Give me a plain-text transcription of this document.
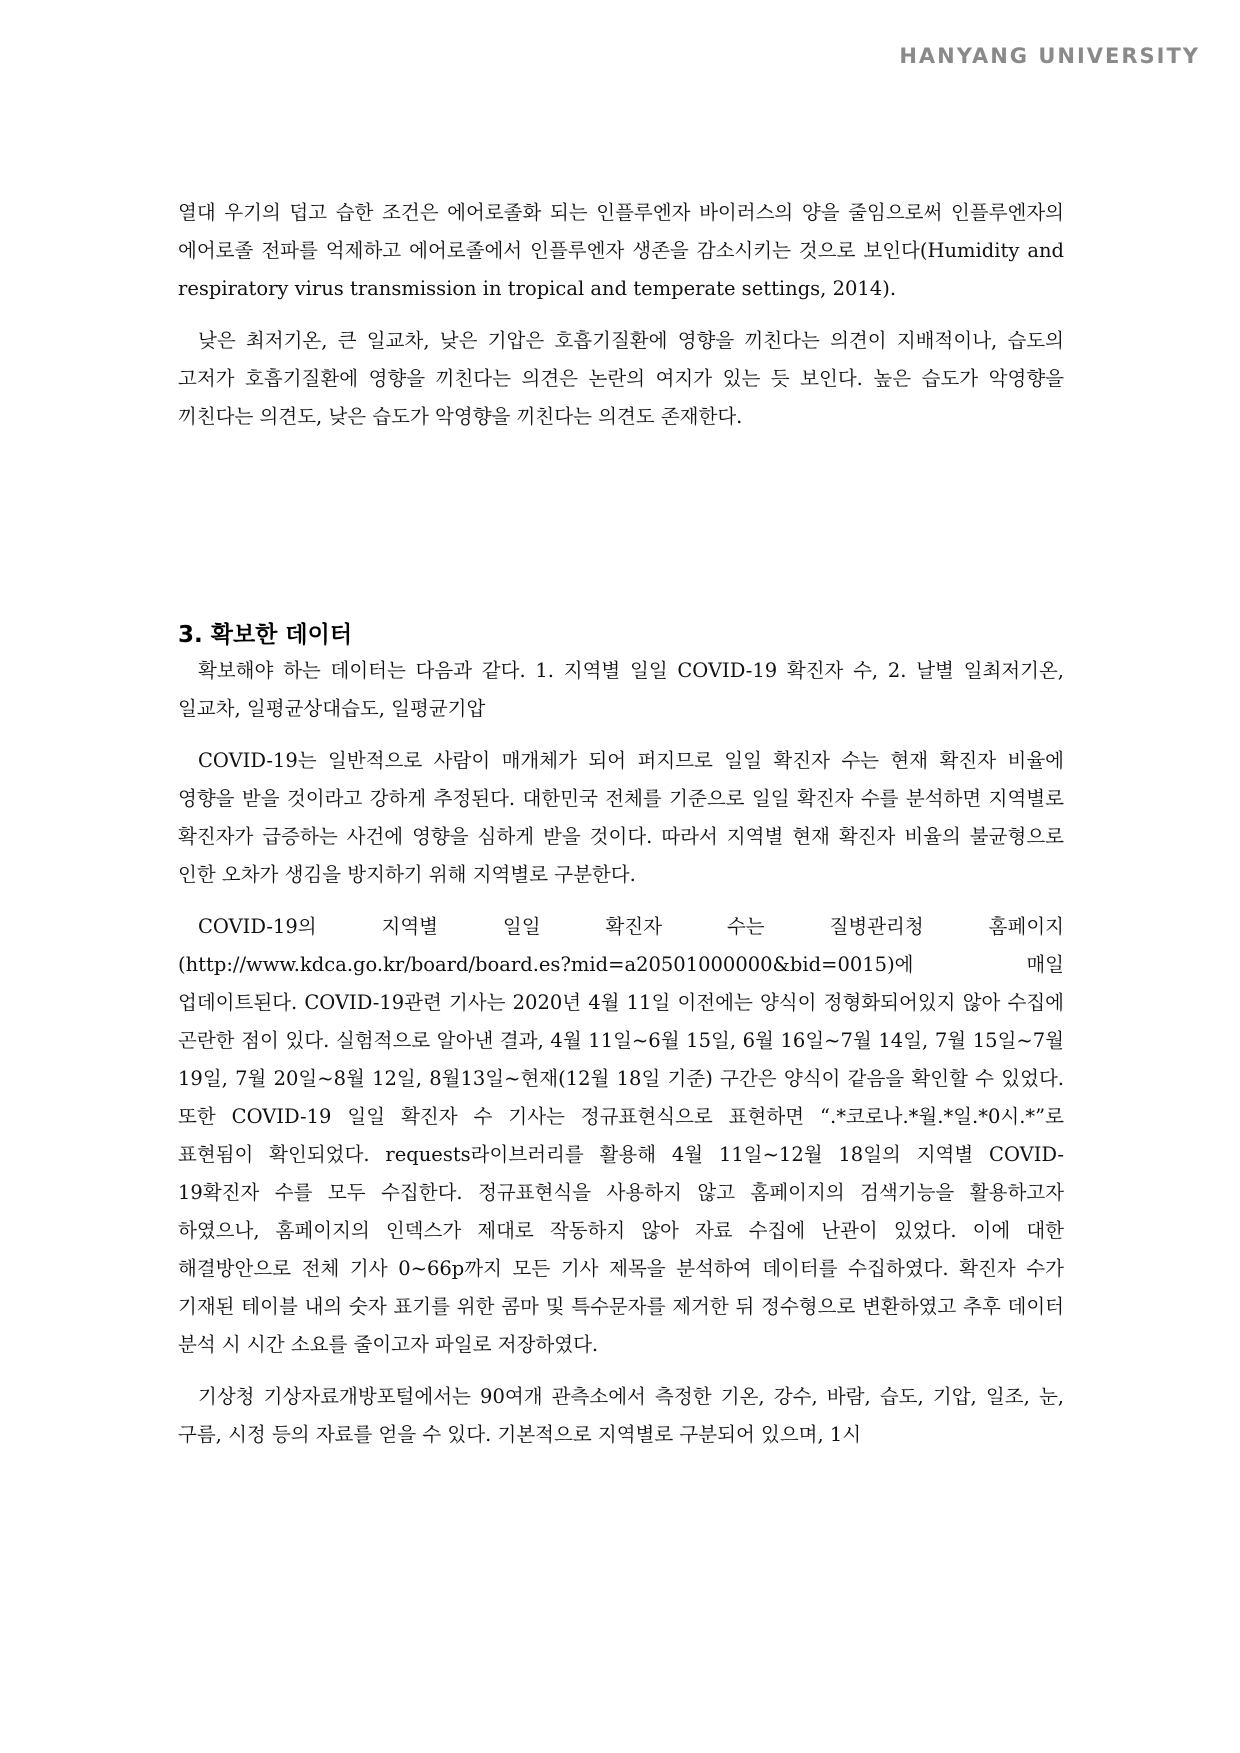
HANYANG UNIVERSITY

열대 우기의 덥고 습한 조건은 에어로졸화 되는 인플루엔자 바이러스의 양을 줄임으로써 인플루엔자의 에어로졸 전파를 억제하고 에어로졸에서 인플루엔자 생존을 감소시키는 것으로 보인다(Humidity and respiratory virus transmission in tropical and temperate settings, 2014).

낮은 최저기온, 큰 일교차, 낮은 기압은 호흡기질환에 영향을 끼친다는 의견이 지배적이나, 습도의 고저가 호흡기질환에 영향을 끼친다는 의견은 논란의 여지가 있는 듯 보인다. 높은 습도가 악영향을 끼친다는 의견도, 낮은 습도가 악영향을 끼친다는 의견도 존재한다.

3. 확보한 데이터

확보해야 하는 데이터는 다음과 같다. 1. 지역별 일일 COVID-19 확진자 수, 2. 날별 일최저기온, 일교차, 일평균상대습도, 일평균기압

COVID-19는 일반적으로 사람이 매개체가 되어 퍼지므로 일일 확진자 수는 현재 확진자 비율에 영향을 받을 것이라고 강하게 추정된다. 대한민국 전체를 기준으로 일일 확진자 수를 분석하면 지역별로 확진자가 급증하는 사건에 영향을 심하게 받을 것이다. 따라서 지역별 현재 확진자 비율의 불균형으로 인한 오차가 생김을 방지하기 위해 지역별로 구분한다.

COVID-19의 지역별 일일 확진자 수는 질병관리청 홈페이지(http://www.kdca.go.kr/board/board.es?mid=a20501000000&bid=0015)에 매일 업데이트된다. COVID-19관련 기사는 2020년 4월 11일 이전에는 양식이 정형화되어있지 않아 수집에 곤란한 점이 있다. 실험적으로 알아낸 결과, 4월 11일~6월 15일, 6월 16일~7월 14일, 7월 15일~7월 19일, 7월 20일~8월 12일, 8월13일~현재(12월 18일 기준) 구간은 양식이 같음을 확인할 수 있었다. 또한 COVID-19 일일 확진자 수 기사는 정규표현식으로 표현하면 “.*코로나.*월.*일.*0시.*”로 표현됨이 확인되었다. requests라이브러리를 활용해 4월 11일~12월 18일의 지역별 COVID-19확진자 수를 모두 수집한다. 정규표현식을 사용하지 않고 홈페이지의 검색기능을 활용하고자 하였으나, 홈페이지의 인덱스가 제대로 작동하지 않아 자료 수집에 난관이 있었다. 이에 대한 해결방안으로 전체 기사 0~66p까지 모든 기사 제목을 분석하여 데이터를 수집하였다. 확진자 수가 기재된 테이블 내의 숫자 표기를 위한 콤마 및 특수문자를 제거한 뒤 정수형으로 변환하였고 추후 데이터 분석 시 시간 소요를 줄이고자 파일로 저장하였다.

기상청 기상자료개방포털에서는 90여개 관측소에서 측정한 기온, 강수, 바람, 습도, 기압, 일조, 눈, 구름, 시정 등의 자료를 얻을 수 있다. 기본적으로 지역별로 구분되어 있으며, 1시
